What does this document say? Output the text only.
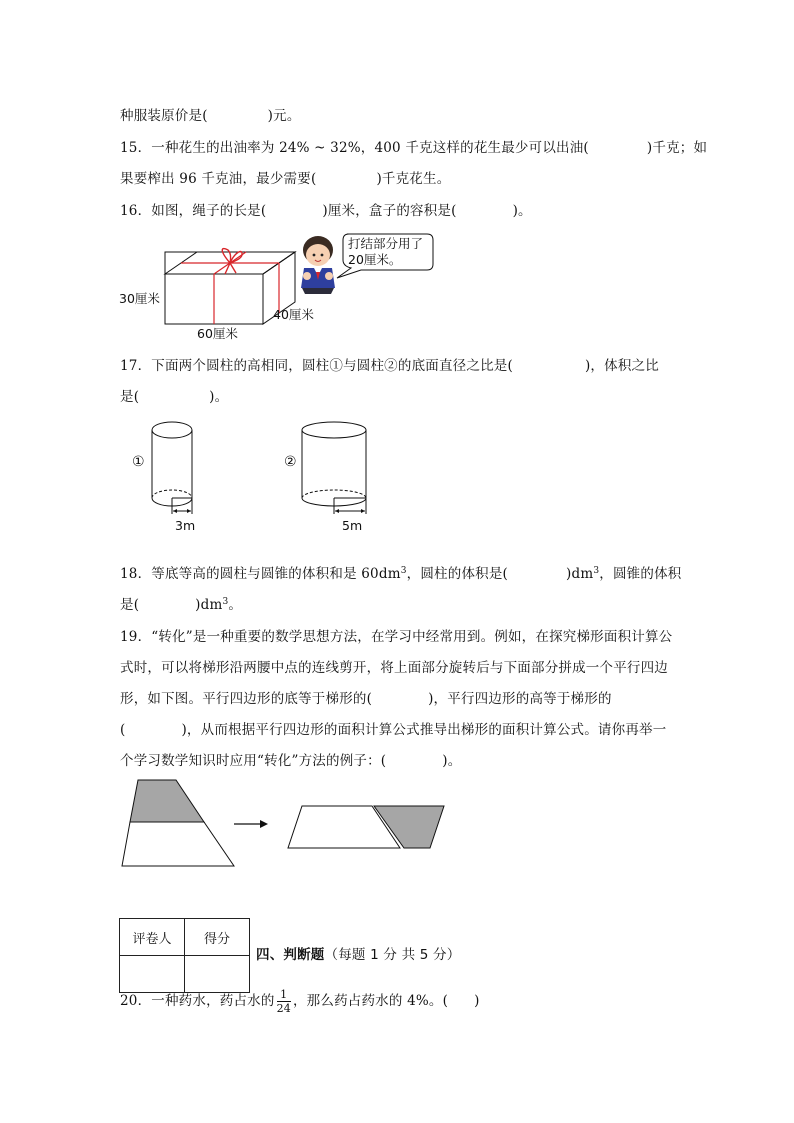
种服装原价是(	)元。
15．一种花生的出油率为 24% ~ 32%，400 千克这样的花生最少可以出油(	)千克；如
果要榨出 96 千克油，最少需要(	)千克花生。
16．如图，绳子的长是(	)厘米，盒子的容积是(	)。
30厘米
60厘米
40厘米
打结部分用了
20厘米。
17．下面两个圆柱的高相同，圆柱①与圆柱②的底面直径之比是(	)，体积之比
是(	)。
①
3m
②
5m
18．等底等高的圆柱与圆锥的体积和是 $60dm^3$，圆柱的体积是(	)$dm^3$，圆锥的体积
是(	)$dm^3$。
19．“转化”是一种重要的数学思想方法，在学习中经常用到。例如，在探究梯形面积计算公
式时，可以将梯形沿两腰中点的连线剪开，将上面部分旋转后与下面部分拼成一个平行四边
形，如下图。平行四边形的底等于梯形的(	)，平行四边形的高等于梯形的
(	)，从而根据平行四边形的面积计算公式推导出梯形的面积计算公式。请你再举一
个学习数学知识时应用“转化”方法的例子：(	)。
评卷人	得分

四、判断题（每题 1 分 共 5 分）
20．一种药水，药占水的 $\frac{1}{24}$ ，那么药占药水的 4%。( )
